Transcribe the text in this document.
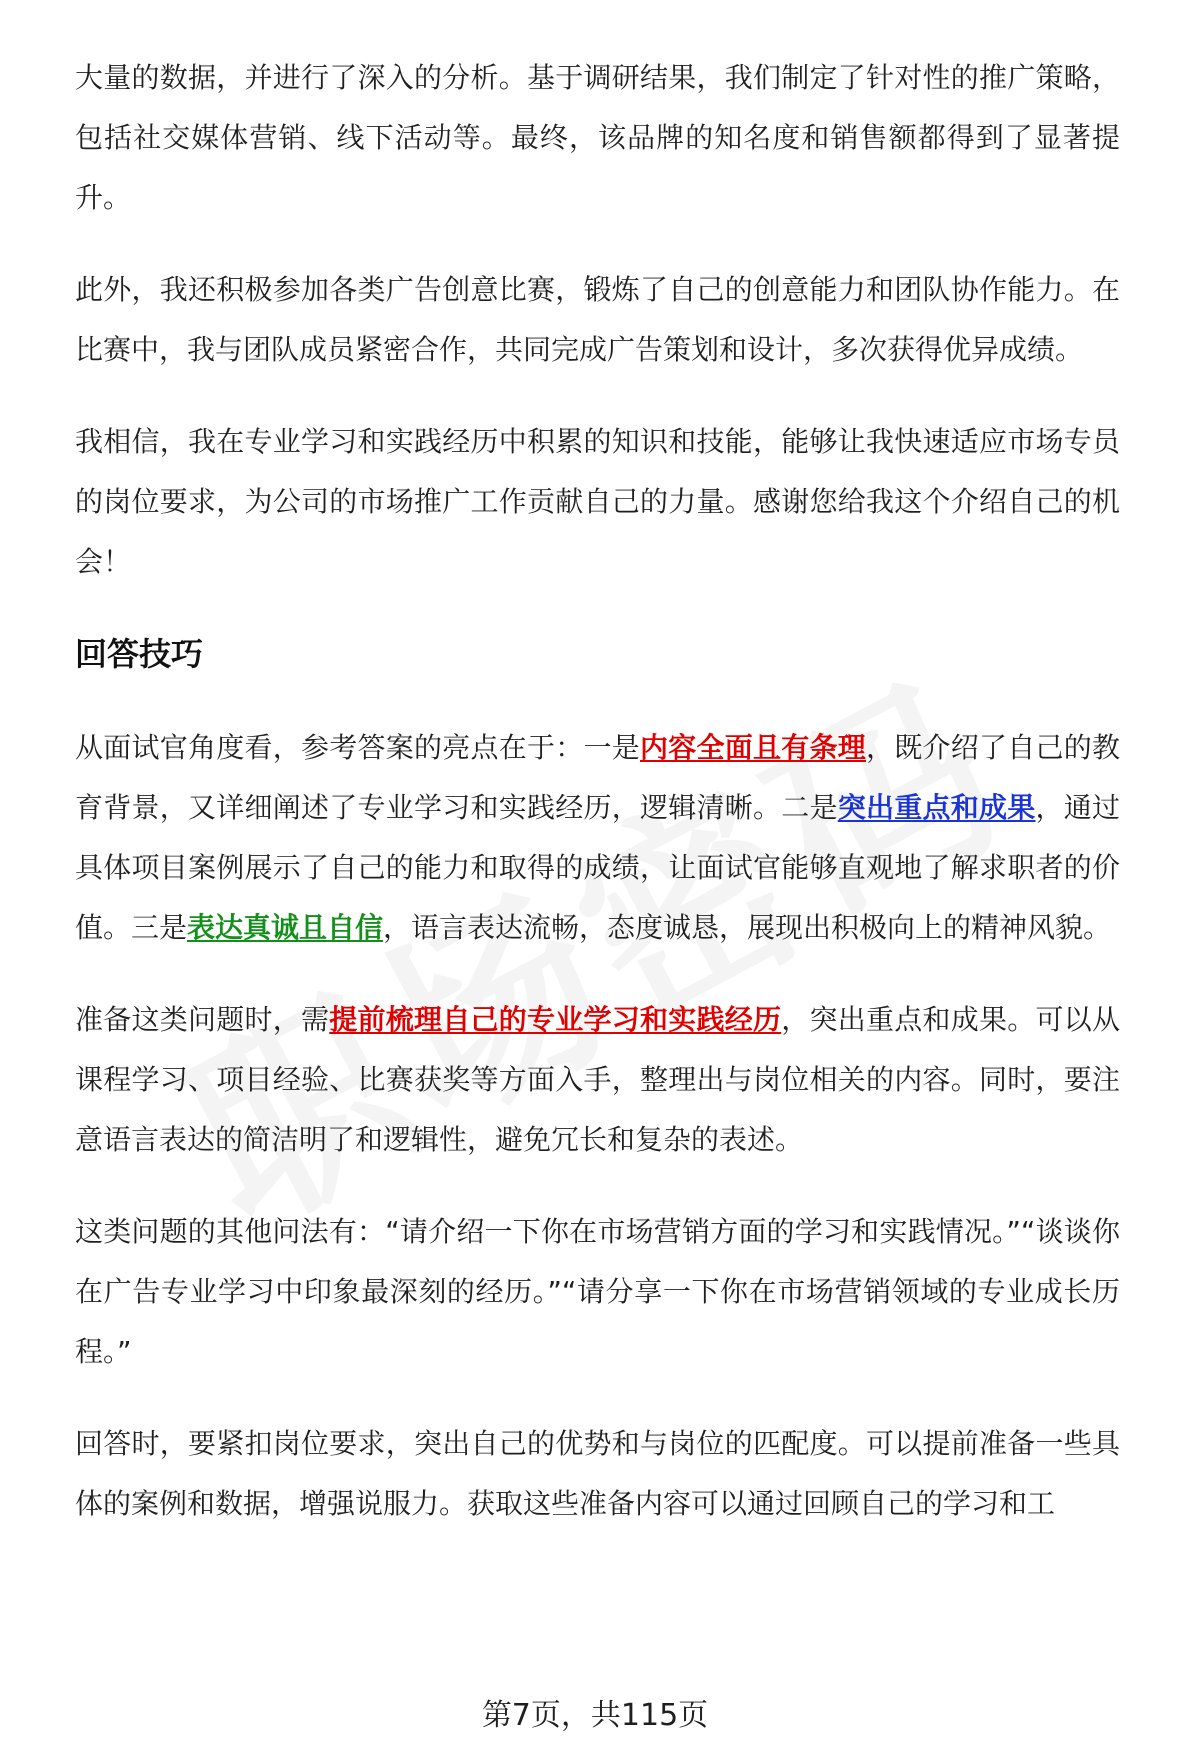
大量的数据，并进行了深入的分析。基于调研结果，我们制定了针对性的推广策略，包括社交媒体营销、线下活动等。最终，该品牌的知名度和销售额都得到了显著提升。

此外，我还积极参加各类广告创意比赛，锻炼了自己的创意能力和团队协作能力。在比赛中，我与团队成员紧密合作，共同完成广告策划和设计，多次获得优异成绩。

我相信，我在专业学习和实践经历中积累的知识和技能，能够让我快速适应市场专员的岗位要求，为公司的市场推广工作贡献自己的力量。感谢您给我这个介绍自己的机会！

回答技巧

从面试官角度看，参考答案的亮点在于：一是内容全面且有条理，既介绍了自己的教育背景，又详细阐述了专业学习和实践经历，逻辑清晰。二是突出重点和成果，通过具体项目案例展示了自己的能力和取得的成绩，让面试官能够直观地了解求职者的价值。三是表达真诚且自信，语言表达流畅，态度诚恳，展现出积极向上的精神风貌。

准备这类问题时，需提前梳理自己的专业学习和实践经历，突出重点和成果。可以从课程学习、项目经验、比赛获奖等方面入手，整理出与岗位相关的内容。同时，要注意语言表达的简洁明了和逻辑性，避免冗长和复杂的表述。

这类问题的其他问法有：“请介绍一下你在市场营销方面的学习和实践情况。”“谈谈你在广告专业学习中印象最深刻的经历。”“请分享一下你在市场营销领域的专业成长历程。”

回答时，要紧扣岗位要求，突出自己的优势和与岗位的匹配度。可以提前准备一些具体的案例和数据，增强说服力。获取这些准备内容可以通过回顾自己的学习和工

第7页，共115页
